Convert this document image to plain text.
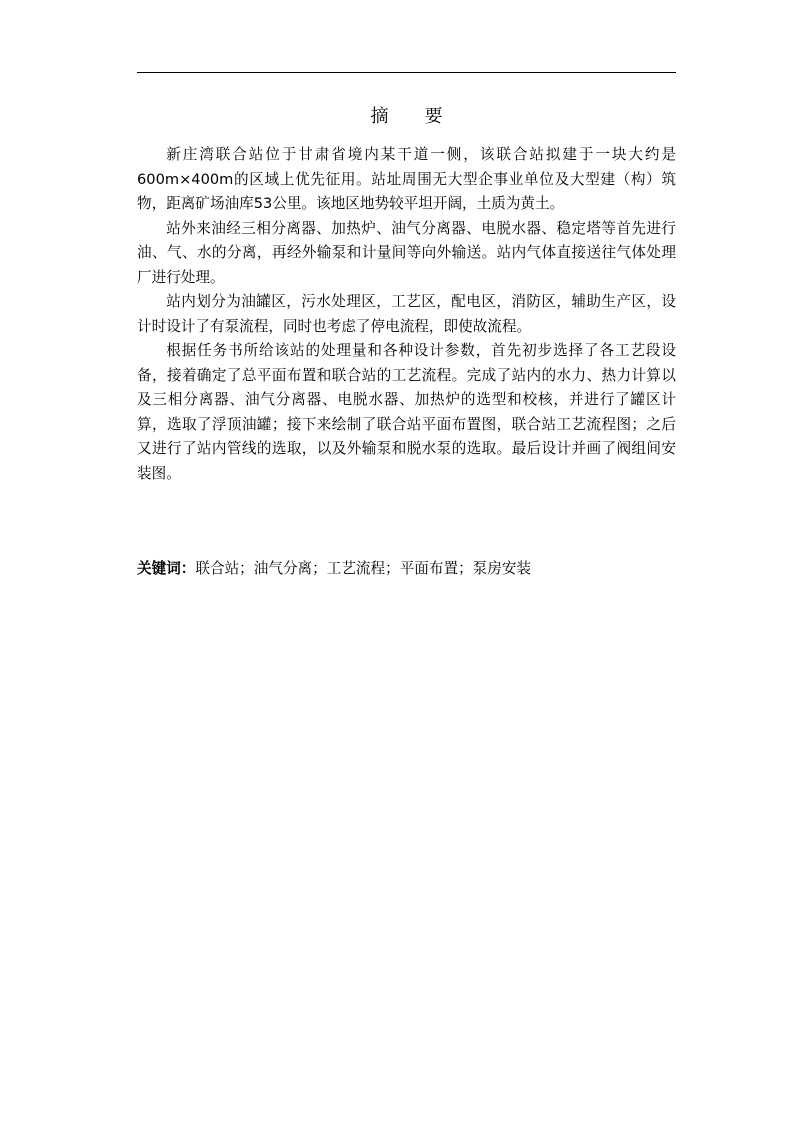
摘 要

新庄湾联合站位于甘肃省境内某干道一侧，该联合站拟建于一块大约是600m×400m的区域上优先征用。站址周围无大型企事业单位及大型建（构）筑物，距离矿场油库53公里。该地区地势较平坦开阔，土质为黄土。

站外来油经三相分离器、加热炉、油气分离器、电脱水器、稳定塔等首先进行油、气、水的分离，再经外输泵和计量间等向外输送。站内气体直接送往气体处理厂进行处理。

站内划分为油罐区，污水处理区，工艺区，配电区，消防区，辅助生产区，设计时设计了有泵流程，同时也考虑了停电流程，即使故流程。

根据任务书所给该站的处理量和各种设计参数，首先初步选择了各工艺段设备，接着确定了总平面布置和联合站的工艺流程。完成了站内的水力、热力计算以及三相分离器、油气分离器、电脱水器、加热炉的选型和校核，并进行了罐区计算，选取了浮顶油罐；接下来绘制了联合站平面布置图，联合站工艺流程图；之后又进行了站内管线的选取，以及外输泵和脱水泵的选取。最后设计并画了阀组间安装图。

关键词：联合站；油气分离；工艺流程；平面布置；泵房安装
